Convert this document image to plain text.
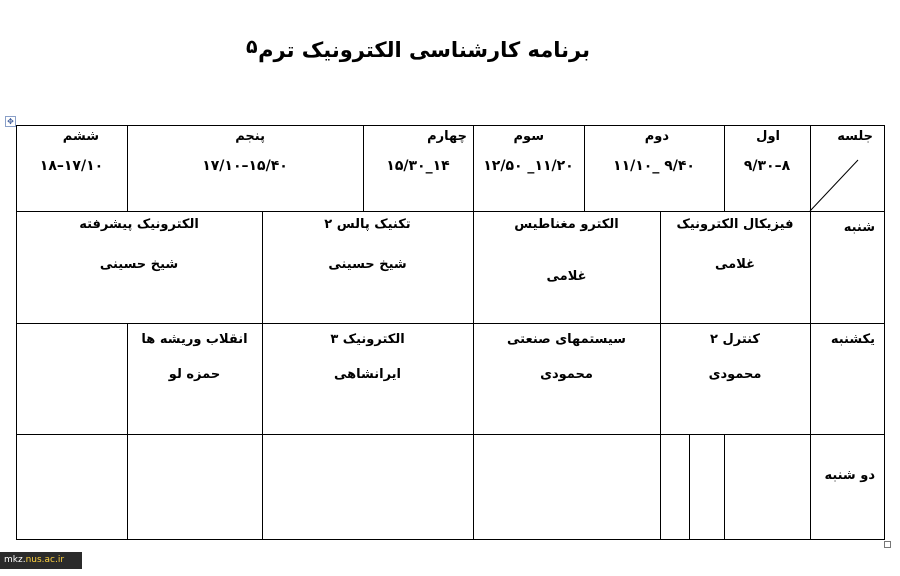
برنامه کارشناسی الکترونیک ترم
۵
✥
جلسه
اول
۸–۹/۳۰
دوم
۹/۴۰ _۱۱/۱۰
سوم
۱۱/۲۰_ ۱۲/۵۰
چهارم
۱۴_۱۵/۳۰
پنجم
۱۵/۴۰–۱۷/۱۰
ششم
۱۷/۱۰–۱۸
شنبه
فیزیکال الکترونیک
غلامی
الکترو مغناطیس
غلامی
تکنیک پالس ۲
شیخ حسینی
الکترونیک پیشرفته
شیخ حسینی
یکشنبه
کنترل ۲
محمودی
سیستمهای صنعتی
محمودی
الکترونیک ۳
ایرانشاهی
انقلاب وریشه ها
حمزه لو
دو شنبه
mkz.nus.ac.ir
